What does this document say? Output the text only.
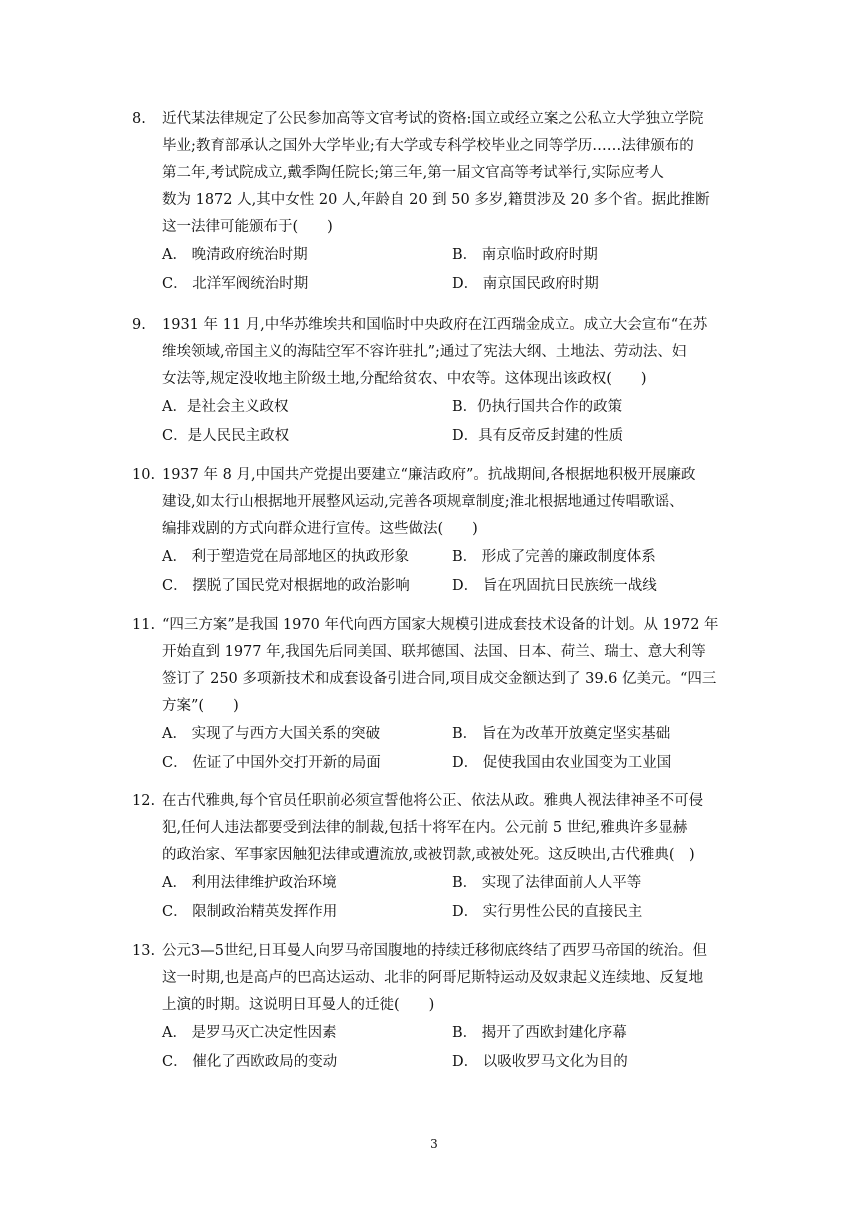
8. 近代某法律规定了公民参加高等文官考试的资格:国立或经立案之公私立大学独立学院
毕业;教育部承认之国外大学毕业;有大学或专科学校毕业之同等学历……法律颁布的
第二年,考试院成立,戴季陶任院长;第三年,第一届文官高等考试举行,实际应考人
数为 1872 人,其中女性 20 人,年龄自 20 到 50 多岁,籍贯涉及 20 多个省。据此推断
这一法律可能颁布于(　　)
A． 晚清政府统治时期	B． 南京临时政府时期
C． 北洋军阀统治时期	D． 南京国民政府时期
9. 1931 年 11 月,中华苏维埃共和国临时中央政府在江西瑞金成立。成立大会宣布“在苏
维埃领域,帝国主义的海陆空军不容许驻扎”;通过了宪法大纲、土地法、劳动法、妇
女法等,规定没收地主阶级土地,分配给贫农、中农等。这体现出该政权(　　)
A．是社会主义政权	B．仍执行国共合作的政策
C．是人民民主政权	D．具有反帝反封建的性质
10. 1937 年 8 月,中国共产党提出要建立“廉洁政府”。抗战期间,各根据地积极开展廉政
建设,如太行山根据地开展整风运动,完善各项规章制度;淮北根据地通过传唱歌谣、
编排戏剧的方式向群众进行宣传。这些做法(　　)
A． 利于塑造党在局部地区的执政形象	B． 形成了完善的廉政制度体系
C． 摆脱了国民党对根据地的政治影响	D． 旨在巩固抗日民族统一战线
11. “四三方案”是我国 1970 年代向西方国家大规模引进成套技术设备的计划。从 1972 年
开始直到 1977 年,我国先后同美国、联邦德国、法国、日本、荷兰、瑞士、意大利等
签订了 250 多项新技术和成套设备引进合同,项目成交金额达到了 39.6 亿美元。“四三
方案”(　　)
A． 实现了与西方大国关系的突破	B． 旨在为改革开放奠定坚实基础
C． 佐证了中国外交打开新的局面	D． 促使我国由农业国变为工业国
12. 在古代雅典,每个官员任职前必须宣誓他将公正、依法从政。雅典人视法律神圣不可侵
犯,任何人违法都要受到法律的制裁,包括十将军在内。公元前 5 世纪,雅典许多显赫
的政治家、军事家因触犯法律或遭流放,或被罚款,或被处死。这反映出,古代雅典(　)
A． 利用法律维护政治环境	B． 实现了法律面前人人平等
C． 限制政治精英发挥作用	D． 实行男性公民的直接民主
13. 公元3—5世纪,日耳曼人向罗马帝国腹地的持续迁移彻底终结了西罗马帝国的统治。但
这一时期,也是高卢的巴高达运动、北非的阿哥尼斯特运动及奴隶起义连续地、反复地
上演的时期。这说明日耳曼人的迁徙(　　)
A． 是罗马灭亡决定性因素	B． 揭开了西欧封建化序幕
C． 催化了西欧政局的变动	D． 以吸收罗马文化为目的
3
